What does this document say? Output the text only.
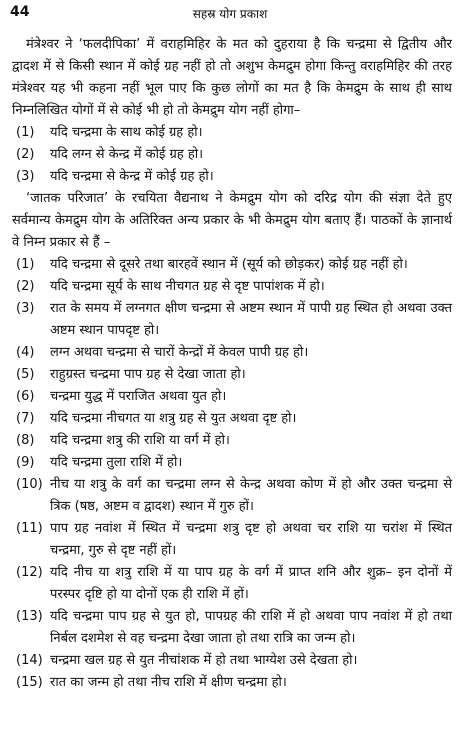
44	सहस्र योग प्रकाश

मंत्रेश्वर ने ‘फलदीपिका’ में वराहमिहिर के मत को दुहराया है कि चन्द्रमा से द्वितीय और द्वादश में से किसी स्थान में कोई ग्रह नहीं हो तो अशुभ केमद्रुम होगा किन्तु वराहमिहिर की तरह मंत्रेश्वर यह भी कहना नहीं भूल पाए कि कुछ लोगों का मत है कि केमद्रुम के साथ ही साथ निम्नलिखित योगों में से कोई भी हो तो केमद्रुम योग नहीं होगा–

(1)	यदि चन्द्रमा के साथ कोई ग्रह हो।
(2)	यदि लग्न से केन्द्र में कोई ग्रह हो।
(3)	यदि चन्द्रमा से केन्द्र में कोई ग्रह हो।

‘जातक परिजात’ के रचयिता वैद्यनाथ ने केमद्रुम योग को दरिद्र योग की संज्ञा देते हुए सर्वमान्य केमद्रुम योग के अतिरिक्त अन्य प्रकार के भी केमद्रुम योग बताए हैं। पाठकों के ज्ञानार्थ वे निम्न प्रकार से हैं –

(1)	यदि चन्द्रमा से दूसरे तथा बारहवें स्थान में (सूर्य को छोड़कर) कोई ग्रह नहीं हो।
(2)	यदि चन्द्रमा सूर्य के साथ नीचगत ग्रह से दृष्ट पापांशक में हो।
(3)	रात के समय में लग्नगत क्षीण चन्द्रमा से अष्टम स्थान में पापी ग्रह स्थित हो अथवा उक्त अष्टम स्थान पापदृष्ट हो।
(4)	लग्न अथवा चन्द्रमा से चारों केन्द्रों में केवल पापी ग्रह हो।
(5)	राहुग्रस्त चन्द्रमा पाप ग्रह से देखा जाता हो।
(6)	चन्द्रमा युद्ध में पराजित अथवा युत हो।
(7)	यदि चन्द्रमा नीचगत या शत्रु ग्रह से युत अथवा दृष्ट हो।
(8)	यदि चन्द्रमा शत्रु की राशि या वर्ग में हो।
(9)	यदि चन्द्रमा तुला राशि में हो।
(10) नीच या शत्रु के वर्ग का चन्द्रमा लग्न से केन्द्र अथवा कोण में हो और उक्त चन्द्रमा से त्रिक (षष्ठ, अष्टम व द्वादश) स्थान में गुरु हों।
(11) पाप ग्रह नवांश में स्थित में चन्द्रमा शत्रु दृष्ट हो अथवा चर राशि या चरांश में स्थित चन्द्रमा, गुरु से दृष्ट नहीं हों।
(12) यदि नीच या शत्रु राशि में या पाप ग्रह के वर्ग में प्राप्त शनि और शुक्र– इन दोनों में परस्पर दृष्टि हो या दोनों एक ही राशि में हों।
(13) यदि चन्द्रमा पाप ग्रह से युत हो, पापग्रह की राशि में हो अथवा पाप नवांश में हो तथा निर्बल दशमेश से वह चन्द्रमा देखा जाता हो तथा रात्रि का जन्म हो।
(14) चन्द्रमा खल ग्रह से युत नीचांशक में हो तथा भाग्येश उसे देखता हो।
(15) रात का जन्म हो तथा नीच राशि में क्षीण चन्द्रमा हो।
